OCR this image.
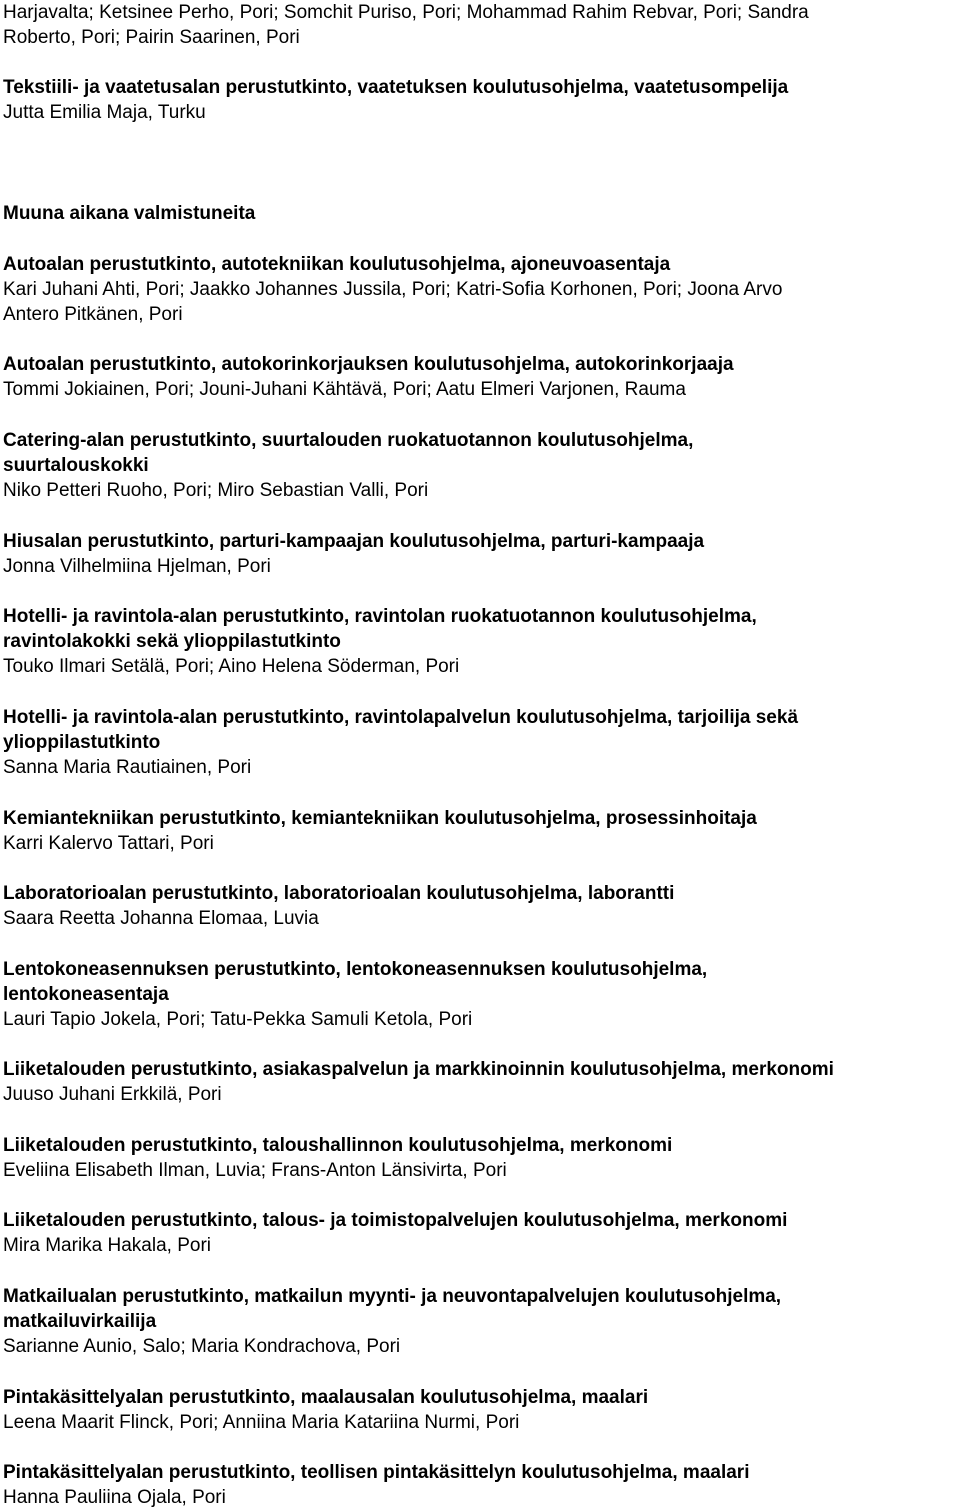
Harjavalta; Ketsinee Perho, Pori; Somchit Puriso, Pori; Mohammad Rahim Rebvar, Pori; Sandra

Roberto, Pori; Pairin Saarinen, Pori

Tekstiili- ja vaatetusalan perustutkinto, vaatetuksen koulutusohjelma, vaatetusompelija

Jutta Emilia Maja, Turku

Muuna aikana valmistuneita

Autoalan perustutkinto, autotekniikan koulutusohjelma, ajoneuvoasentaja

Kari Juhani Ahti, Pori; Jaakko Johannes Jussila, Pori; Katri-Sofia Korhonen, Pori; Joona Arvo

Antero Pitkänen, Pori

Autoalan perustutkinto, autokorinkorjauksen koulutusohjelma, autokorinkorjaaja

Tommi Jokiainen, Pori; Jouni-Juhani Kähtävä, Pori; Aatu Elmeri Varjonen, Rauma

Catering-alan perustutkinto, suurtalouden ruokatuotannon koulutusohjelma,

suurtalouskokki

Niko Petteri Ruoho, Pori; Miro Sebastian Valli, Pori

Hiusalan perustutkinto, parturi-kampaajan koulutusohjelma, parturi-kampaaja

Jonna Vilhelmiina Hjelman, Pori

Hotelli- ja ravintola-alan perustutkinto, ravintolan ruokatuotannon koulutusohjelma,

ravintolakokki sekä ylioppilastutkinto

Touko Ilmari Setälä, Pori; Aino Helena Söderman, Pori

Hotelli- ja ravintola-alan perustutkinto, ravintolapalvelun koulutusohjelma, tarjoilija sekä

ylioppilastutkinto

Sanna Maria Rautiainen, Pori

Kemiantekniikan perustutkinto, kemiantekniikan koulutusohjelma, prosessinhoitaja

Karri Kalervo Tattari, Pori

Laboratorioalan perustutkinto, laboratorioalan koulutusohjelma, laborantti

Saara Reetta Johanna Elomaa, Luvia

Lentokoneasennuksen perustutkinto, lentokoneasennuksen koulutusohjelma,

lentokoneasentaja

Lauri Tapio Jokela, Pori; Tatu-Pekka Samuli Ketola, Pori

Liiketalouden perustutkinto, asiakaspalvelun ja markkinoinnin koulutusohjelma, merkonomi

Juuso Juhani Erkkilä, Pori

Liiketalouden perustutkinto, taloushallinnon koulutusohjelma, merkonomi

Eveliina Elisabeth Ilman, Luvia; Frans-Anton Länsivirta, Pori

Liiketalouden perustutkinto, talous- ja toimistopalvelujen koulutusohjelma, merkonomi

Mira Marika Hakala, Pori

Matkailualan perustutkinto, matkailun myynti- ja neuvontapalvelujen koulutusohjelma,

matkailuvirkailija

Sarianne Aunio, Salo; Maria Kondrachova, Pori

Pintakäsittelyalan perustutkinto, maalausalan koulutusohjelma, maalari

Leena Maarit Flinck, Pori; Anniina Maria Katariina Nurmi, Pori

Pintakäsittelyalan perustutkinto, teollisen pintakäsittelyn koulutusohjelma, maalari

Hanna Pauliina Ojala, Pori
